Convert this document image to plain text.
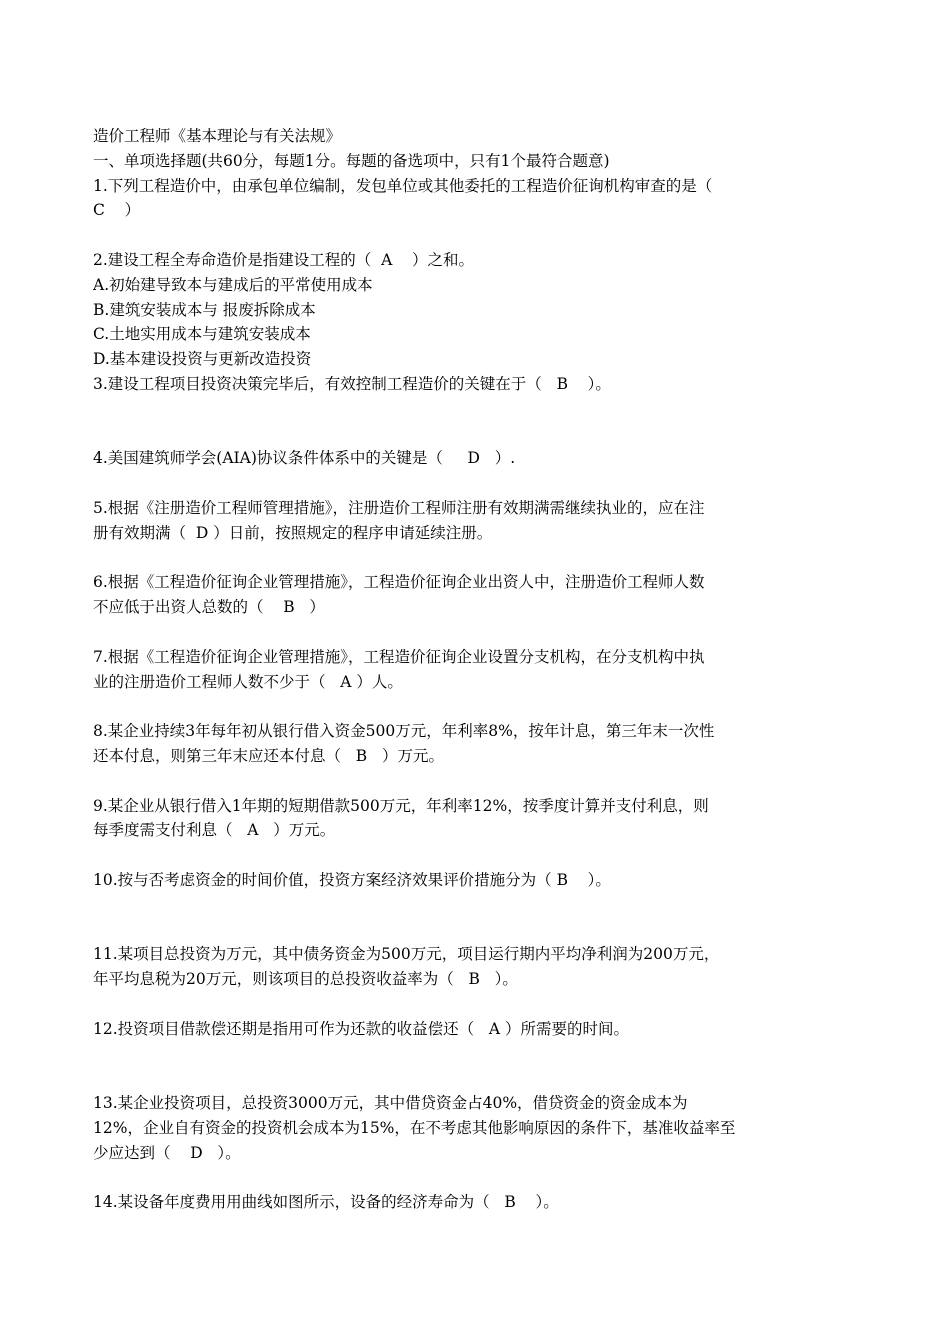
造价工程师《基本理论与有关法规》
一、单项选择题(共60分，每题1分。每题的备选项中，只有1个最符合题意)
1.下列工程造价中，由承包单位编制，发包单位或其他委托的工程造价征询机构审查的是（
C    ）

2.建设工程全寿命造价是指建设工程的（  A    ）之和。
A.初始建导致本与建成后的平常使用成本
B.建筑安装成本与 报废拆除成本
C.土地实用成本与建筑安装成本
D.基本建设投资与更新改造投资
3.建设工程项目投资决策完毕后，有效控制工程造价的关键在于（   B    ）。

4.美国建筑师学会(AIA)协议条件体系中的关键是（     D   ）.

5.根据《注册造价工程师管理措施》，注册造价工程师注册有效期满需继续执业的，应在注
册有效期满（  D ）日前，按照规定的程序申请延续注册。

6.根据《工程造价征询企业管理措施》，工程造价征询企业出资人中，注册造价工程师人数
不应低于出资人总数的（    B   ）

7.根据《工程造价征询企业管理措施》，工程造价征询企业设置分支机构，在分支机构中执
业的注册造价工程师人数不少于（   A ）人。

8.某企业持续3年每年初从银行借入资金500万元，年利率8%，按年计息，第三年末一次性
还本付息，则第三年末应还本付息（   B   ）万元。

9.某企业从银行借入1年期的短期借款500万元，年利率12%，按季度计算并支付利息，则
每季度需支付利息（   A   ）万元。

10.按与否考虑资金的时间价值，投资方案经济效果评价措施分为（ B    ）。

11.某项目总投资为万元，其中债务资金为500万元，项目运行期内平均净利润为200万元，
年平均息税为20万元，则该项目的总投资收益率为（   B   ）。

12.投资项目借款偿还期是指用可作为还款的收益偿还（   A ）所需要的时间。

13.某企业投资项目，总投资3000万元，其中借贷资金占40%，借贷资金的资金成本为
12%，企业自有资金的投资机会成本为15%，在不考虑其他影响原因的条件下，基准收益率至
少应达到（    D   ）。

14.某设备年度费用用曲线如图所示，设备的经济寿命为（   B    ）。
